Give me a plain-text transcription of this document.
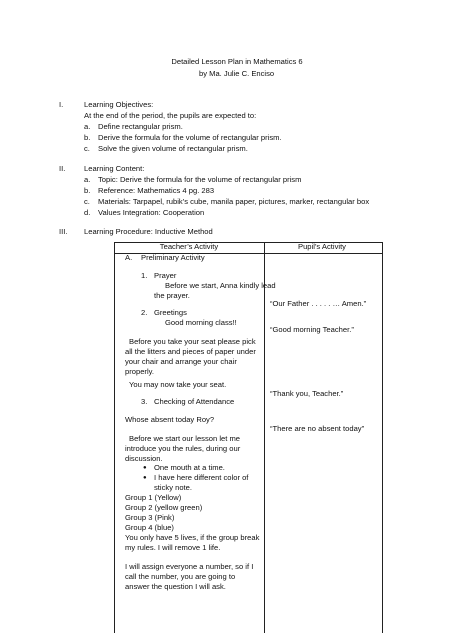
Detailed Lesson Plan in Mathematics 6
by Ma. Julie C. Enciso
I.	Learning Objectives:
At the end of the period, the pupils are expected to:
a. Define rectangular prism.
b. Derive the formula for the volume of rectangular prism.
c. Solve the given volume of rectangular prism.
II. Learning Content:
a. Topic: Derive the formula for the volume of rectangular prism
b. Reference: Mathematics 4 pg. 283
c. Materials: Tarpapel, rubik’s cube, manila paper, pictures, marker, rectangular box
d. Values Integration: Cooperation
III. Learning Procedure: Inductive Method
Teacher’s Activity	Pupil’s Activity
A. Preliminary Activity
1. Prayer
Before we start, Anna kindly lead
the prayer.
2. Greetings
Good morning class!!
Before you take your seat please pick
all the litters and pieces of paper under
your chair and arrange your chair
properly.
You may now take your seat.
3. Checking of Attendance
Whose absent today Roy?
Before we start our lesson let me
introduce you the rules, during our
discussion.
● One mouth at a time.
● I have here different color of
sticky note.
Group 1 (Yellow)
Group 2 (yellow green)
Group 3 (Pink)
Group 4 (blue)
You only have 5 lives, if the group break
my rules. I will remove 1 life.
I will assign everyone a number, so if I
call the number, you are going to
answer the question I will ask.
“Our Father . . . . . … Amen.”
“Good morning Teacher.”
“Thank you, Teacher.”
“There are no absent today”
